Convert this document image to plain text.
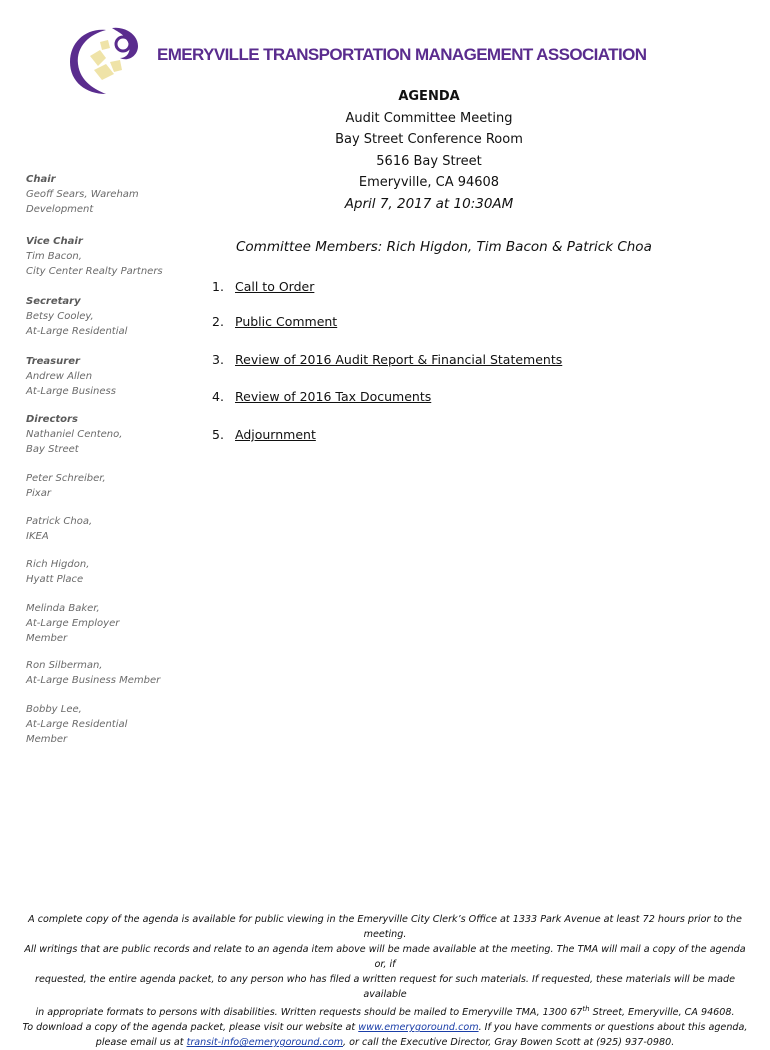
EMERYVILLE TRANSPORTATION MANAGEMENT ASSOCIATION
AGENDA
Audit Committee Meeting
Bay Street Conference Room
5616 Bay Street
Emeryville, CA 94608
April 7, 2017 at 10:30AM
Committee Members: Rich Higdon, Tim Bacon & Patrick Choa
1. Call to Order
2. Public Comment
3. Review of 2016 Audit Report & Financial Statements
4. Review of 2016 Tax Documents
5. Adjournment
Chair
Geoff Sears, Wareham
Development
Vice Chair
Tim Bacon,
City Center Realty Partners
Secretary
Betsy Cooley,
At-Large Residential
Treasurer
Andrew Allen
At-Large Business
Directors
Nathaniel Centeno,
Bay Street
Peter Schreiber,
Pixar
Patrick Choa,
IKEA
Rich Higdon,
Hyatt Place
Melinda Baker,
At-Large Employer
Member
Ron Silberman,
At-Large Business Member
Bobby Lee,
At-Large Residential
Member
A complete copy of the agenda is available for public viewing in the Emeryville City Clerk’s Office at 1333 Park Avenue at least 72 hours prior to the meeting.
All writings that are public records and relate to an agenda item above will be made available at the meeting. The TMA will mail a copy of the agenda or, if
requested, the entire agenda packet, to any person who has filed a written request for such materials. If requested, these materials will be made available
in appropriate formats to persons with disabilities. Written requests should be mailed to Emeryville TMA, 1300 67th Street, Emeryville, CA 94608.
To download a copy of the agenda packet, please visit our website at www.emerygoround.com. If you have comments or questions about this agenda,
please email us at transit-info@emerygoround.com, or call the Executive Director, Gray Bowen Scott at (925) 937-0980.
